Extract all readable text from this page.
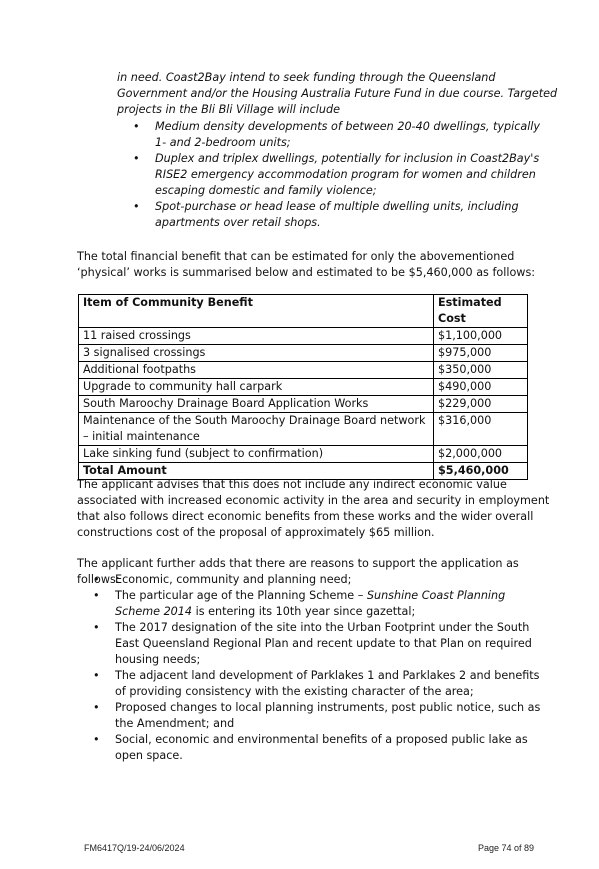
in need. Coast2Bay intend to seek funding through the Queensland Government and/or the Housing Australia Future Fund in due course. Targeted projects in the Bli Bli Village will include
• Medium density developments of between 20-40 dwellings, typically 1- and 2-bedroom units;
• Duplex and triplex dwellings, potentially for inclusion in Coast2Bay's RISE2 emergency accommodation program for women and children escaping domestic and family violence;
• Spot-purchase or head lease of multiple dwelling units, including apartments over retail shops.
The total financial benefit that can be estimated for only the abovementioned ‘physical’ works is summarised below and estimated to be $5,460,000 as follows:
Item of Community Benefit	Estimated Cost
11 raised crossings	$1,100,000
3 signalised crossings	$975,000
Additional footpaths	$350,000
Upgrade to community hall carpark	$490,000
South Maroochy Drainage Board Application Works	$229,000
Maintenance of the South Maroochy Drainage Board network – initial maintenance	$316,000
Lake sinking fund (subject to confirmation)	$2,000,000
Total Amount	$5,460,000
The applicant advises that this does not include any indirect economic value associated with increased economic activity in the area and security in employment that also follows direct economic benefits from these works and the wider overall constructions cost of the proposal of approximately $65 million.
The applicant further adds that there are reasons to support the application as follows:
• Economic, community and planning need;
• The particular age of the Planning Scheme – Sunshine Coast Planning Scheme 2014 is entering its 10th year since gazettal;
• The 2017 designation of the site into the Urban Footprint under the South East Queensland Regional Plan and recent update to that Plan on required housing needs;
• The adjacent land development of Parklakes 1 and Parklakes 2 and benefits of providing consistency with the existing character of the area;
• Proposed changes to local planning instruments, post public notice, such as the Amendment; and
• Social, economic and environmental benefits of a proposed public lake as open space.
FM6417Q/19-24/06/2024	Page 74 of 89
